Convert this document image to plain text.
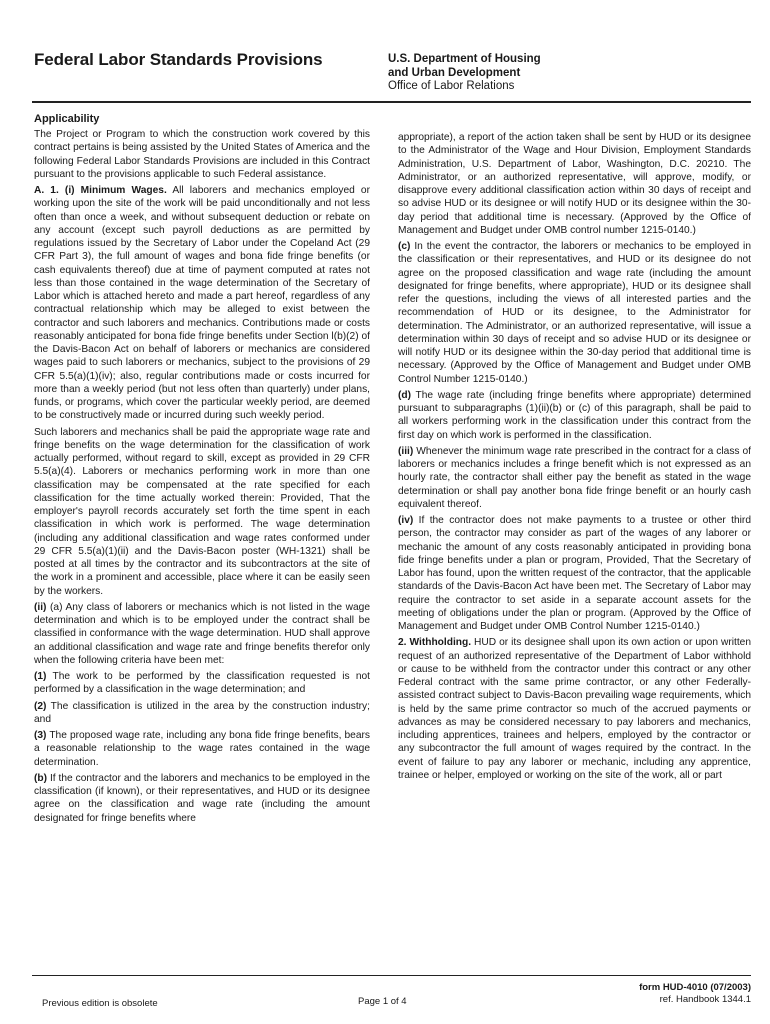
Federal Labor Standards Provisions	U.S. Department of Housing
and Urban Development
Office of Labor Relations
Applicability

The Project or Program to which the construction work covered by this contract pertains is being assisted by the United States of America and the following Federal Labor Standards Provisions are included in this Contract pursuant to the provisions applicable to such Federal assistance.

A. 1. (i) Minimum Wages. All laborers and mechanics employed or working upon the site of the work will be paid unconditionally and not less often than once a week, and without subsequent deduction or rebate on any account (except such payroll deductions as are permitted by regulations issued by the Secretary of Labor under the Copeland Act (29 CFR Part 3), the full amount of wages and bona fide fringe benefits (or cash equivalents thereof) due at time of payment computed at rates not less than those contained in the wage determination of the Secretary of Labor which is attached hereto and made a part hereof, regardless of any contractual relationship which may be alleged to exist between the contractor and such laborers and mechanics. Contributions made or costs reasonably anticipated for bona fide fringe benefits under Section l(b)(2) of the Davis-Bacon Act on behalf of laborers or mechanics are considered wages paid to such laborers or mechanics, subject to the provisions of 29 CFR 5.5(a)(1)(iv); also, regular contributions made or costs incurred for more than a weekly period (but not less often than quarterly) under plans, funds, or programs, which cover the particular weekly period, are deemed to be constructively made or incurred during such weekly period.

Such laborers and mechanics shall be paid the appropriate wage rate and fringe benefits on the wage determination for the classification of work actually performed, without regard to skill, except as provided in 29 CFR 5.5(a)(4). Laborers or mechanics performing work in more than one classification may be compensated at the rate specified for each classification for the time actually worked therein: Provided, That the employer's payroll records accurately set forth the time spent in each classification in which work is performed. The wage determination (including any additional classification and wage rates conformed under 29 CFR 5.5(a)(1)(ii) and the Davis-Bacon poster (WH-1321) shall be posted at all times by the contractor and its subcontractors at the site of the work in a prominent and accessible, place where it can be easily seen by the workers.

(ii) (a) Any class of laborers or mechanics which is not listed in the wage determination and which is to be employed under the contract shall be classified in conformance with the wage determination. HUD shall approve an additional classification and wage rate and fringe benefits therefor only when the following criteria have been met:

(1) The work to be performed by the classification requested is not performed by a classification in the wage determination; and

(2) The classification is utilized in the area by the construction industry; and

(3) The proposed wage rate, including any bona fide fringe benefits, bears a reasonable relationship to the wage rates contained in the wage determination.

(b) If the contractor and the laborers and mechanics to be employed in the classification (if known), or their representatives, and HUD or its designee agree on the classification and wage rate (including the amount designated for fringe benefits where

appropriate), a report of the action taken shall be sent by HUD or its designee to the Administrator of the Wage and Hour Division, Employment Standards Administration, U.S. Department of Labor, Washington, D.C. 20210. The Administrator, or an authorized representative, will approve, modify, or disapprove every additional classification action within 30 days of receipt and so advise HUD or its designee or will notify HUD or its designee within the 30-day period that additional time is necessary. (Approved by the Office of Management and Budget under OMB control number 1215-0140.)

(c) In the event the contractor, the laborers or mechanics to be employed in the classification or their representatives, and HUD or its designee do not agree on the proposed classification and wage rate (including the amount designated for fringe benefits, where appropriate), HUD or its designee shall refer the questions, including the views of all interested parties and the recommendation of HUD or its designee, to the Administrator for determination. The Administrator, or an authorized representative, will issue a determination within 30 days of receipt and so advise HUD or its designee or will notify HUD or its designee within the 30-day period that additional time is necessary. (Approved by the Office of Management and Budget under OMB Control Number 1215-0140.)

(d) The wage rate (including fringe benefits where appropriate) determined pursuant to subparagraphs (1)(ii)(b) or (c) of this paragraph, shall be paid to all workers performing work in the classification under this contract from the first day on which work is performed in the classification.

(iii) Whenever the minimum wage rate prescribed in the contract for a class of laborers or mechanics includes a fringe benefit which is not expressed as an hourly rate, the contractor shall either pay the benefit as stated in the wage determination or shall pay another bona fide fringe benefit or an hourly cash equivalent thereof.

(iv) If the contractor does not make payments to a trustee or other third person, the contractor may consider as part of the wages of any laborer or mechanic the amount of any costs reasonably anticipated in providing bona fide fringe benefits under a plan or program, Provided, That the Secretary of Labor has found, upon the written request of the contractor, that the applicable standards of the Davis-Bacon Act have been met. The Secretary of Labor may require the contractor to set aside in a separate account assets for the meeting of obligations under the plan or program. (Approved by the Office of Management and Budget under OMB Control Number 1215-0140.)

2. Withholding. HUD or its designee shall upon its own action or upon written request of an authorized representative of the Department of Labor withhold or cause to be withheld from the contractor under this contract or any other Federal contract with the same prime contractor, or any other Federally-assisted contract subject to Davis-Bacon prevailing wage requirements, which is held by the same prime contractor so much of the accrued payments or advances as may be considered necessary to pay laborers and mechanics, including apprentices, trainees and helpers, employed by the contractor or any subcontractor the full amount of wages required by the contract. In the event of failure to pay any laborer or mechanic, including any apprentice, trainee or helper, employed or working on the site of the work, all or part

Previous edition is obsolete	Page 1 of 4
form HUD-4010 (07/2003)
ref. Handbook 1344.1
